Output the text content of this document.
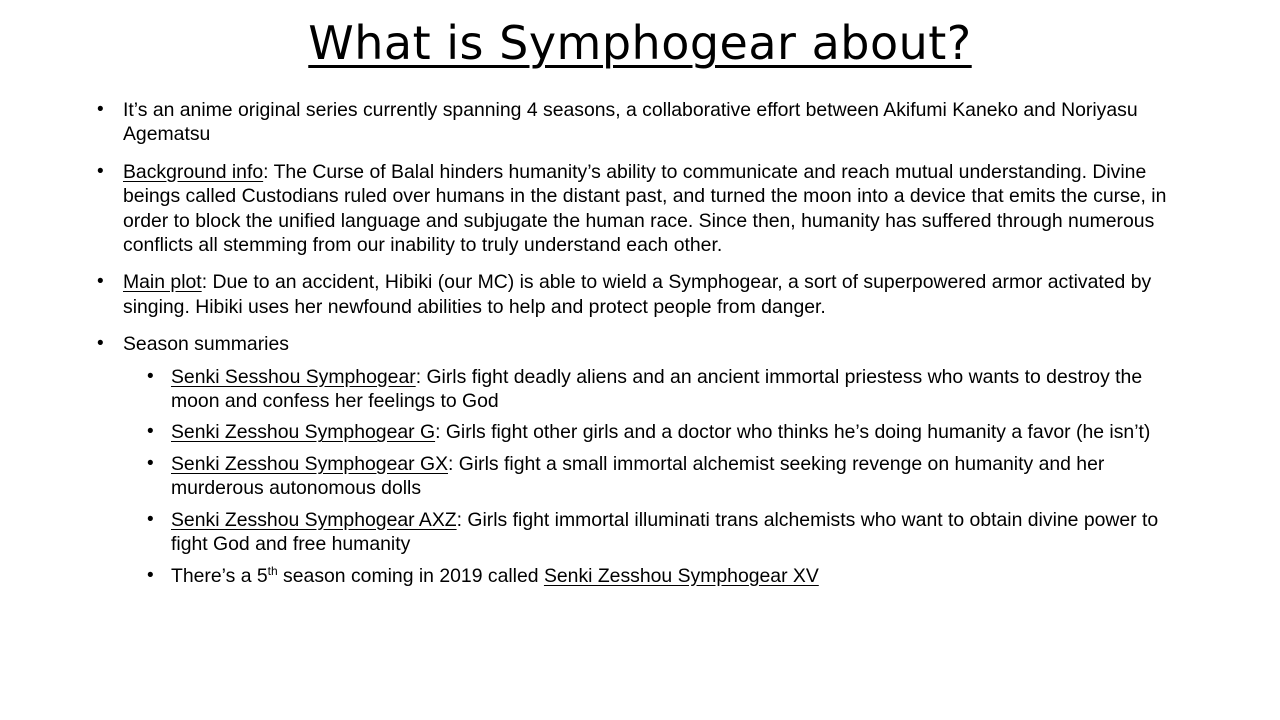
What is Symphogear about?
• It’s an anime original series currently spanning 4 seasons, a collaborative effort between Akifumi Kaneko and Noriyasu Agematsu
• Background info: The Curse of Balal hinders humanity’s ability to communicate and reach mutual understanding. Divine beings called Custodians ruled over humans in the distant past, and turned the moon into a device that emits the curse, in order to block the unified language and subjugate the human race. Since then, humanity has suffered through numerous conflicts all stemming from our inability to truly understand each other.
• Main plot: Due to an accident, Hibiki (our MC) is able to wield a Symphogear, a sort of superpowered armor activated by singing. Hibiki uses her newfound abilities to help and protect people from danger.
• Season summaries
• Senki Sesshou Symphogear: Girls fight deadly aliens and an ancient immortal priestess who wants to destroy the moon and confess her feelings to God
• Senki Zesshou Symphogear G: Girls fight other girls and a doctor who thinks he’s doing humanity a favor (he isn’t)
• Senki Zesshou Symphogear GX: Girls fight a small immortal alchemist seeking revenge on humanity and her murderous autonomous dolls
• Senki Zesshou Symphogear AXZ: Girls fight immortal illuminati trans alchemists who want to obtain divine power to fight God and free humanity
• There’s a 5th season coming in 2019 called Senki Zesshou Symphogear XV
